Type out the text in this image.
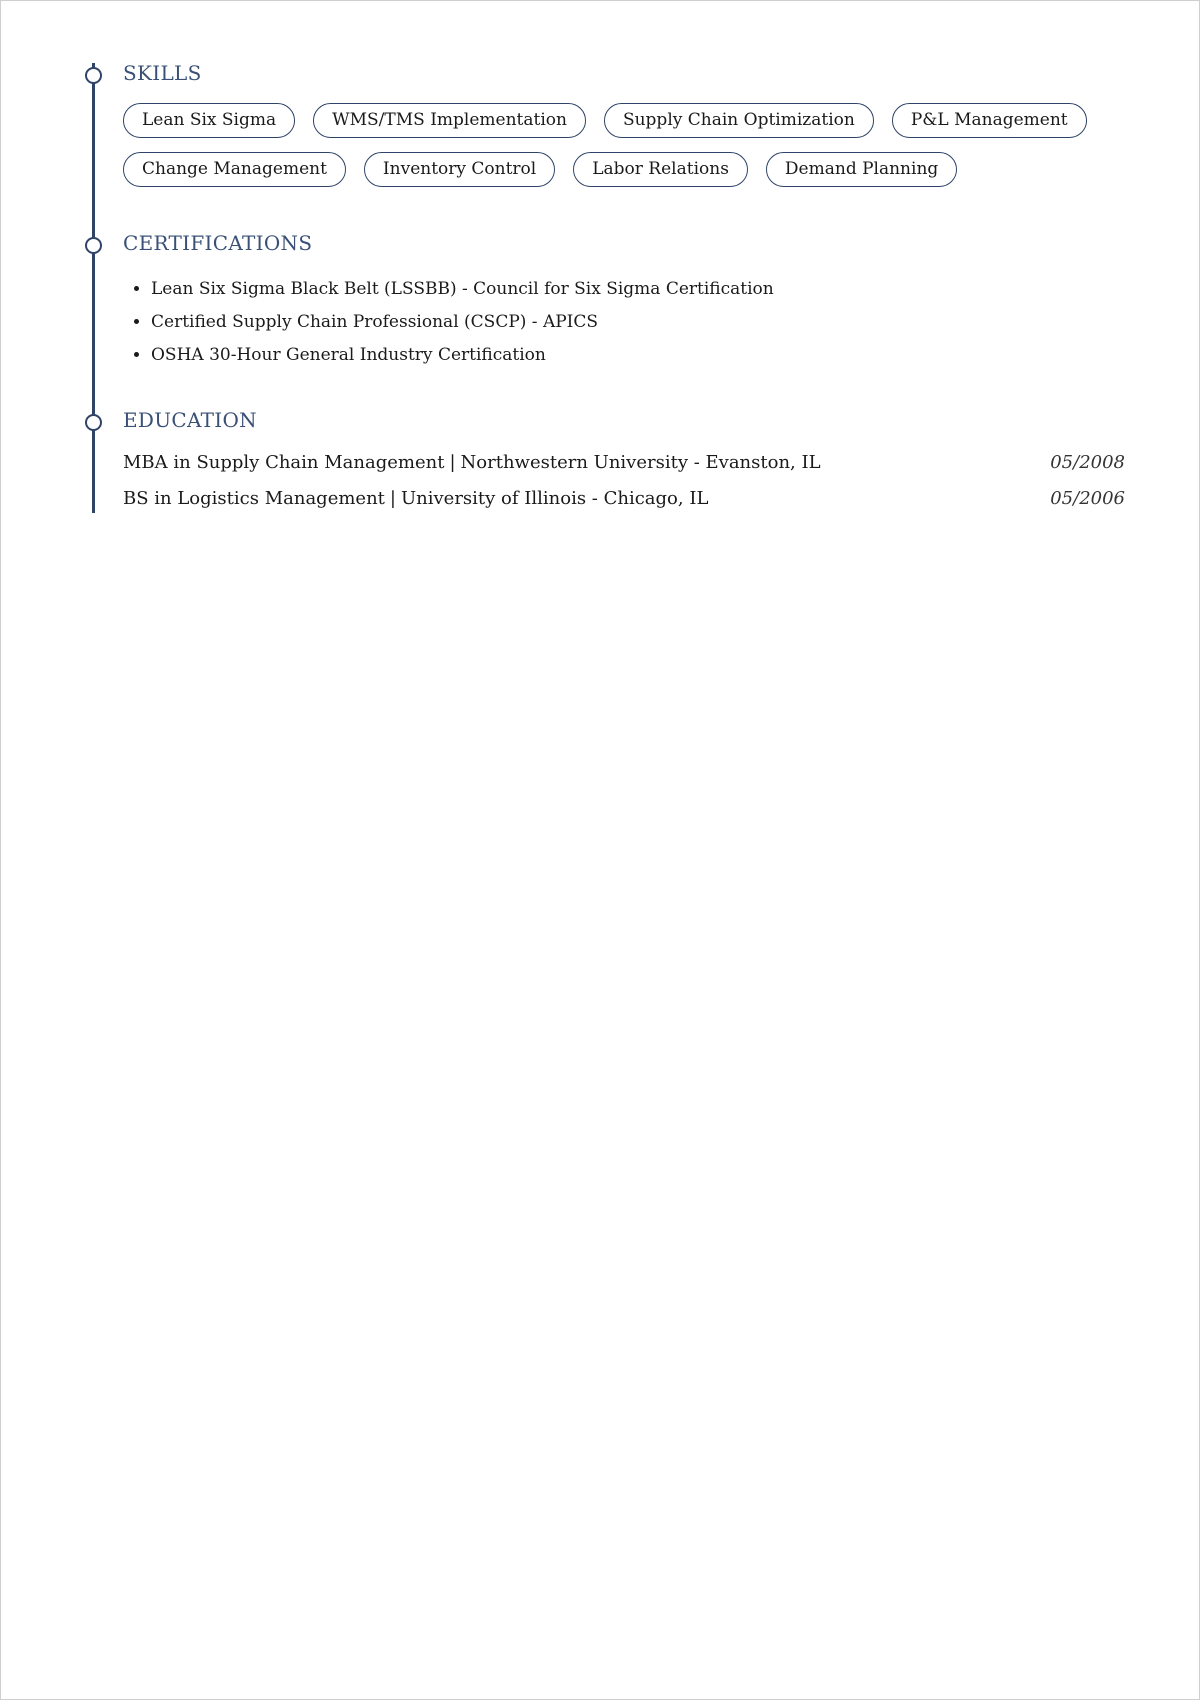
SKILLS
Lean Six Sigma	WMS/TMS Implementation	Supply Chain Optimization	P&L Management
Change Management	Inventory Control	Labor Relations	Demand Planning
CERTIFICATIONS
• Lean Six Sigma Black Belt (LSSBB) - Council for Six Sigma Certification
• Certified Supply Chain Professional (CSCP) - APICS
• OSHA 30-Hour General Industry Certification
EDUCATION
MBA in Supply Chain Management | Northwestern University - Evanston, IL	05/2008
BS in Logistics Management | University of Illinois - Chicago, IL	05/2006
